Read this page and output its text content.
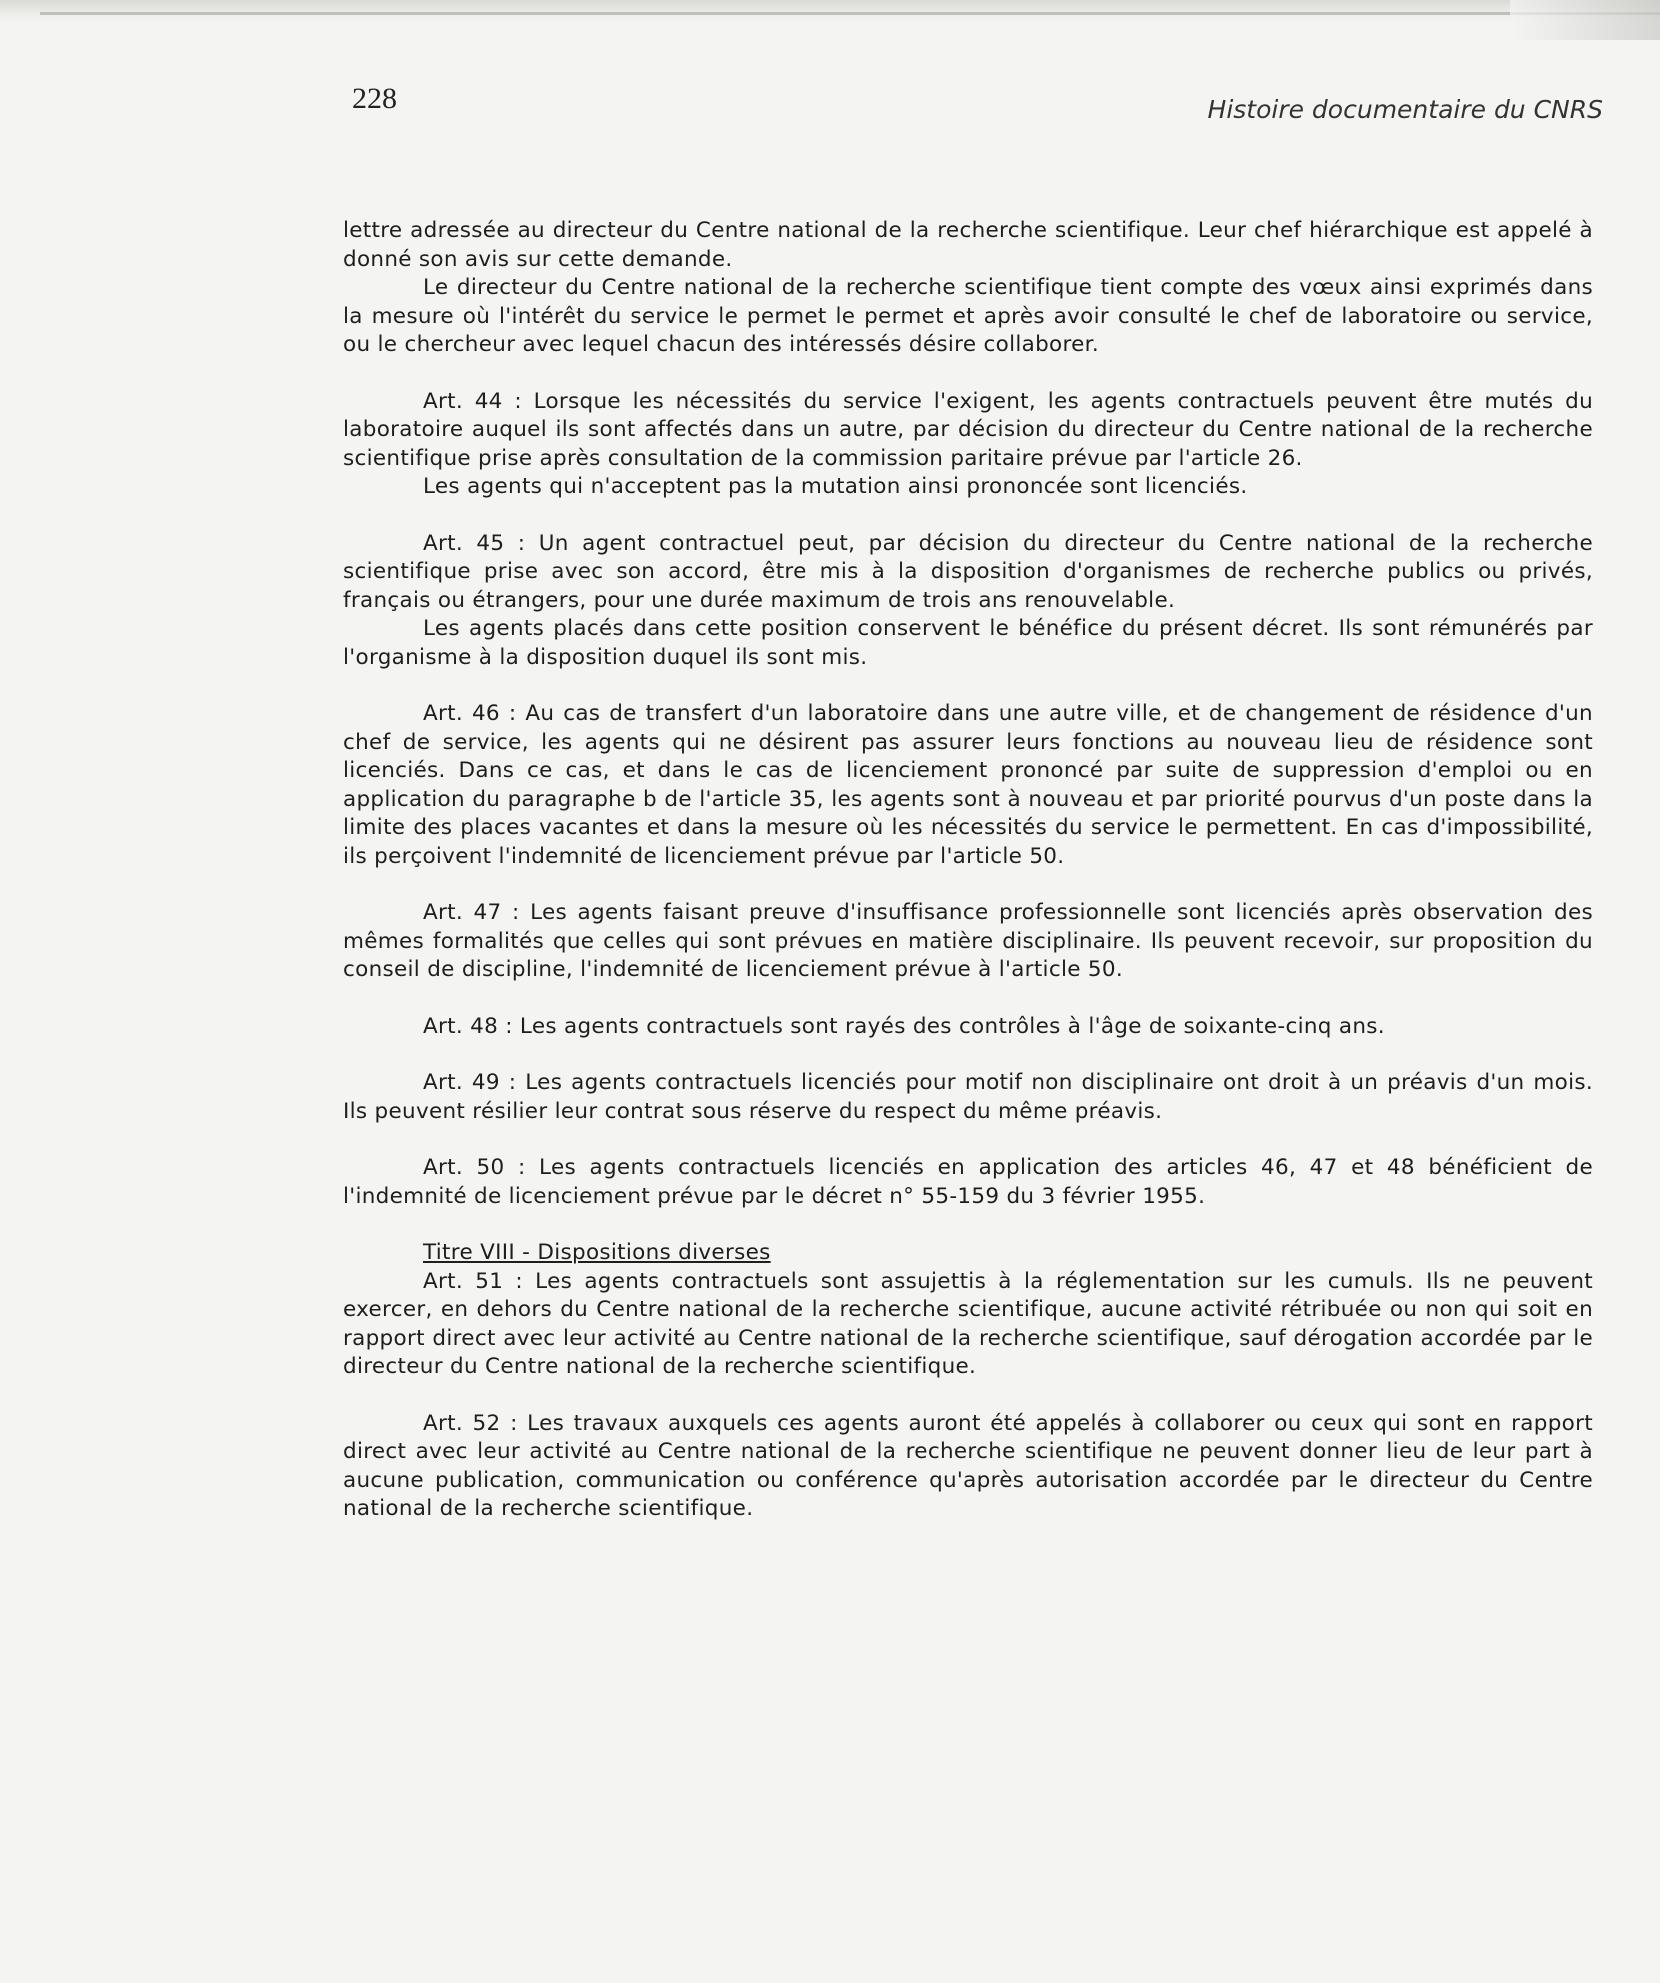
228	Histoire documentaire du CNRS

lettre adressée au directeur du Centre national de la recherche scientifique. Leur chef hiérarchique est appelé à donné son avis sur cette demande.

Le directeur du Centre national de la recherche scientifique tient compte des vœux ainsi exprimés dans la mesure où l'intérêt du service le permet le permet et après avoir consulté le chef de laboratoire ou service, ou le chercheur avec lequel chacun des intéressés désire collaborer.

Art. 44 : Lorsque les nécessités du service l'exigent, les agents contractuels peuvent être mutés du laboratoire auquel ils sont affectés dans un autre, par décision du directeur du Centre national de la recherche scientifique prise après consultation de la commission paritaire prévue par l'article 26.

Les agents qui n'acceptent pas la mutation ainsi prononcée sont licenciés.

Art. 45 : Un agent contractuel peut, par décision du directeur du Centre national de la recherche scientifique prise avec son accord, être mis à la disposition d'organismes de recherche publics ou privés, français ou étrangers, pour une durée maximum de trois ans renouvelable.

Les agents placés dans cette position conservent le bénéfice du présent décret. Ils sont rémunérés par l'organisme à la disposition duquel ils sont mis.

Art. 46 : Au cas de transfert d'un laboratoire dans une autre ville, et de changement de résidence d'un chef de service, les agents qui ne désirent pas assurer leurs fonctions au nouveau lieu de résidence sont licenciés. Dans ce cas, et dans le cas de licenciement prononcé par suite de suppression d'emploi ou en application du paragraphe b de l'article 35, les agents sont à nouveau et par priorité pourvus d'un poste dans la limite des places vacantes et dans la mesure où les nécessités du service le permettent. En cas d'impossibilité, ils perçoivent l'indemnité de licenciement prévue par l'article 50.

Art. 47 : Les agents faisant preuve d'insuffisance professionnelle sont licenciés après observation des mêmes formalités que celles qui sont prévues en matière disciplinaire. Ils peuvent recevoir, sur proposition du conseil de discipline, l'indemnité de licenciement prévue à l'article 50.

Art. 48 : Les agents contractuels sont rayés des contrôles à l'âge de soixante-cinq ans.

Art. 49 : Les agents contractuels licenciés pour motif non disciplinaire ont droit à un préavis d'un mois. Ils peuvent résilier leur contrat sous réserve du respect du même préavis.

Art. 50 : Les agents contractuels licenciés en application des articles 46, 47 et 48 bénéficient de l'indemnité de licenciement prévue par le décret n° 55-159 du 3 février 1955.

Titre VIII - Dispositions diverses

Art. 51 : Les agents contractuels sont assujettis à la réglementation sur les cumuls. Ils ne peuvent exercer, en dehors du Centre national de la recherche scientifique, aucune activité rétribuée ou non qui soit en rapport direct avec leur activité au Centre national de la recherche scientifique, sauf dérogation accordée par le directeur du Centre national de la recherche scientifique.

Art. 52 : Les travaux auxquels ces agents auront été appelés à collaborer ou ceux qui sont en rapport direct avec leur activité au Centre national de la recherche scientifique ne peuvent donner lieu de leur part à aucune publication, communication ou conférence qu'après autorisation accordée par le directeur du Centre national de la recherche scientifique.
